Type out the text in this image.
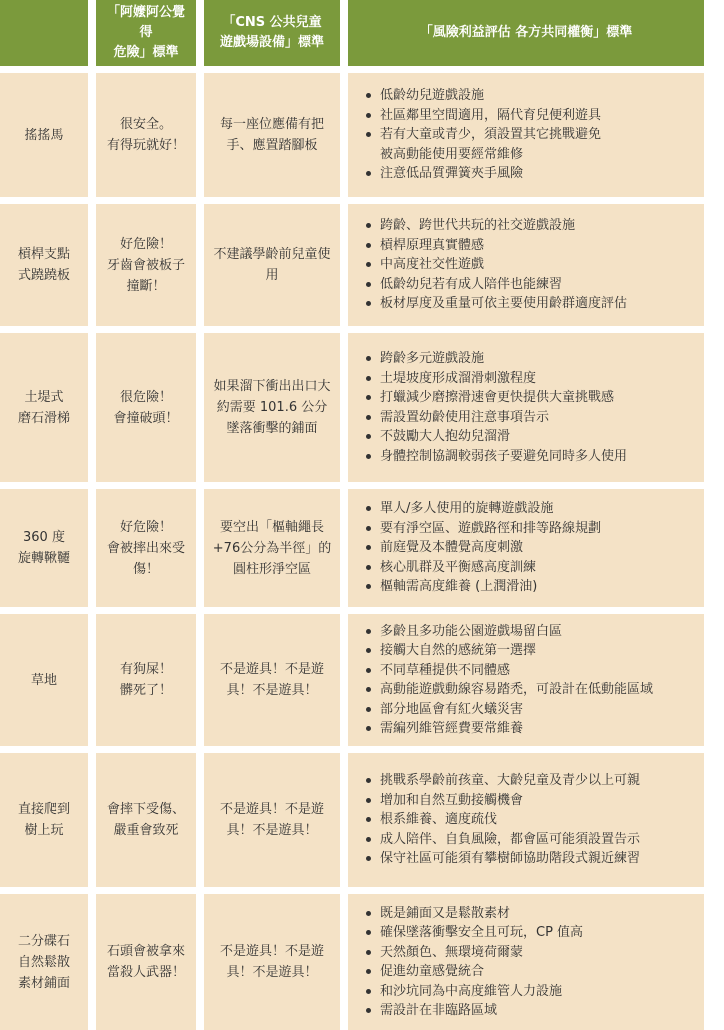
「阿嬤阿公覺得
危險」標準
「CNS 公共兒童
遊戲場設備」標準
「風險利益評估 各方共同權衡」標準
搖搖馬
很安全。
有得玩就好！
每一座位應備有把手、應置踏腳板
低齡幼兒遊戲設施
社區鄰里空間適用，隔代育兒便利遊具
若有大童或青少，須設置其它挑戰避免
被高動能使用要經常維修
注意低品質彈簧夾手風險
槓桿支點
式蹺蹺板
好危險！
牙齒會被板子撞斷！
不建議學齡前兒童使用
跨齡、跨世代共玩的社交遊戲設施
槓桿原理真實體感
中高度社交性遊戲
低齡幼兒若有成人陪伴也能練習
板材厚度及重量可依主要使用齡群適度評估
土堤式
磨石滑梯
很危險！
會撞破頭！
如果溜下衝出出口大約需要 101.6 公分墜落衝擊的鋪面
跨齡多元遊戲設施
土堤坡度形成溜滑刺激程度
打蠟減少磨擦滑速會更快提供大童挑戰感
需設置幼齡使用注意事項告示
不鼓勵大人抱幼兒溜滑
身體控制協調較弱孩子要避免同時多人使用
360 度
旋轉鞦韆
好危險！
會被摔出來受傷！
要空出「樞軸繩長 +76公分為半徑」的圓柱形淨空區
單人/多人使用的旋轉遊戲設施
要有淨空區、遊戲路徑和排等路線規劃
前庭覺及本體覺高度刺激
核心肌群及平衡感高度訓練
樞軸需高度維養 (上潤滑油)
草地
有狗屎！
髒死了！
不是遊具！不是遊具！不是遊具！
多齡且多功能公園遊戲場留白區
接觸大自然的感統第一選擇
不同草種提供不同體感
高動能遊戲動線容易踏禿，可設計在低動能區域
部分地區會有紅火蟻災害
需編列維管經費要常維養
直接爬到
樹上玩
會摔下受傷、嚴重會致死
不是遊具！不是遊具！不是遊具！
挑戰系學齡前孩童、大齡兒童及青少以上可親
增加和自然互動接觸機會
根系維養、適度疏伐
成人陪伴、自負風險，都會區可能須設置告示
保守社區可能須有攀樹師協助階段式親近練習
二分碟石
自然鬆散
素材鋪面
石頭會被拿來當殺人武器！
不是遊具！不是遊具！不是遊具！
既是鋪面又是鬆散素材
確保墜落衝擊安全且可玩，CP 值高
天然顏色、無環境荷爾蒙
促進幼童感覺統合
和沙坑同為中高度維管人力設施
需設計在非臨路區域
